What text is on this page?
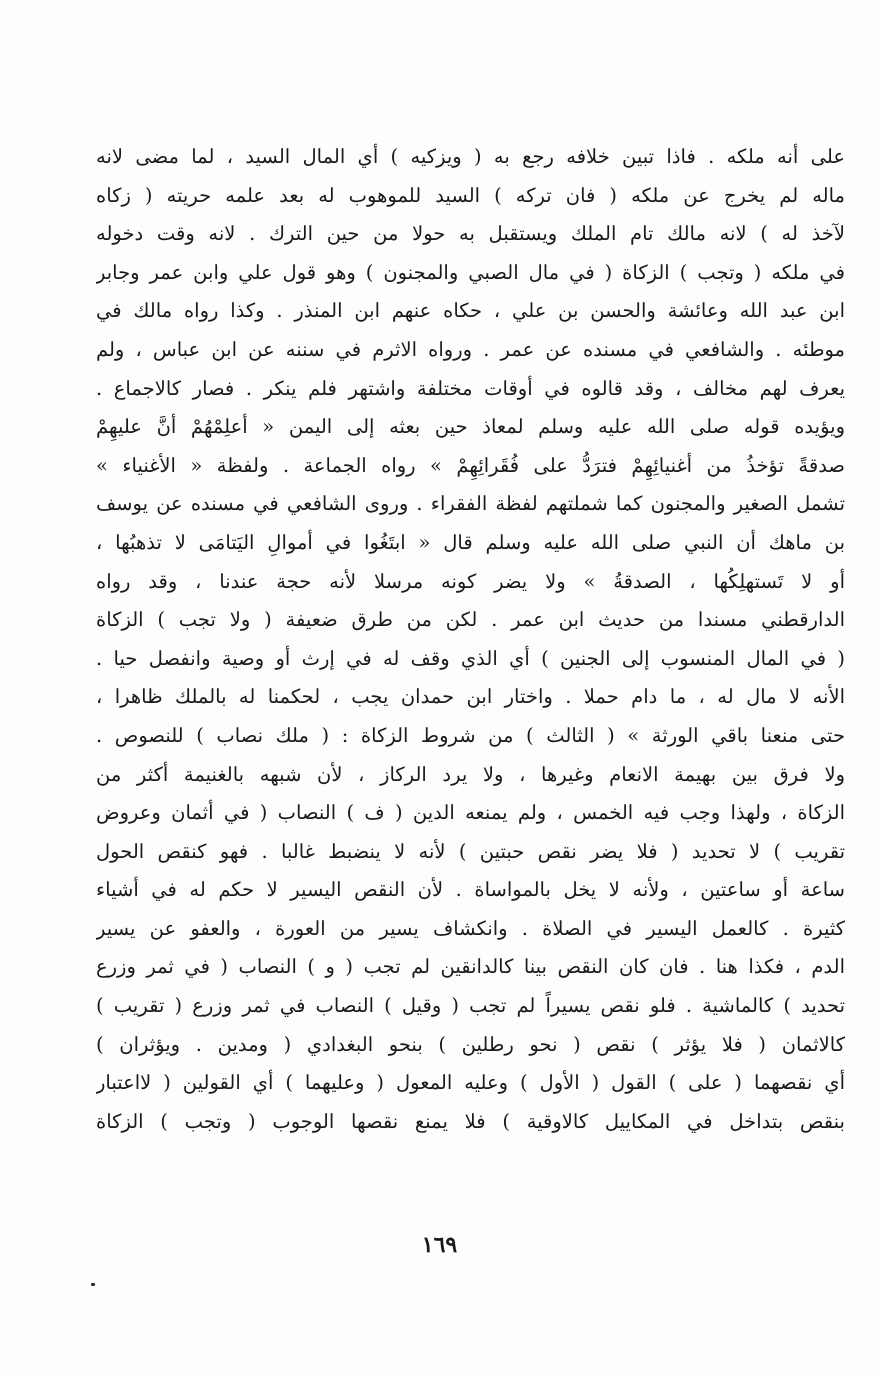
على أنه ملكه . فاذا تبين خلافه رجع به ( ويزكيه ) أي المال السيد ، لما مضى لانه
ماله لم يخرج عن ملكه ( فان تركه ) السيد للموهوب له بعد علمه حريته ( زكاه
لآخذ له ) لانه مالك تام الملك ويستقبل به حولا من حين الترك . لانه وقت دخوله
في ملكه ( وتجب ) الزكاة ( في مال الصبي والمجنون ) وهو قول علي وابن عمر وجابر
ابن عبد الله وعائشة والحسن بن علي ، حكاه عنهم ابن المنذر . وكذا رواه مالك في
موطئه . والشافعي في مسنده عن عمر . ورواه الاثرم في سننه عن ابن عباس ، ولم
يعرف لهم مخالف ، وقد قالوه في أوقات مختلفة واشتهر فلم ينكر . فصار كالاجماع .
ويؤيده قوله صلى الله عليه وسلم لمعاذ حين بعثه إلى اليمن « أعلِمْهُمْ أنَّ عليهِمْ
صدقةً تؤخذُ من أغنيائِهِمْ فترَدُّ على فُقَرائِهِمْ » رواه الجماعة . ولفظة « الأغنياء »
تشمل الصغير والمجنون كما شملتهم لفظة الفقراء . وروى الشافعي في مسنده عن يوسف
بن ماهك أن النبي صلى الله عليه وسلم قال « ابتَغُوا في أموالِ اليَتامَى لا تذهبُها ،
أو لا تَستهلِكُها ، الصدقةُ » ولا يضر كونه مرسلا لأنه حجة عندنا ، وقد رواه
الدارقطني مسندا من حديث ابن عمر . لكن من طرق ضعيفة ( ولا تجب ) الزكاة
( في المال المنسوب إلى الجنين ) أي الذي وقف له في إرث أو وصية وانفصل حيا .
الأنه لا مال له ، ما دام حملا . واختار ابن حمدان يجب ، لحكمنا له بالملك ظاهرا ،
حتى منعنا باقي الورثة » ( الثالث ) من شروط الزكاة : ( ملك نصاب ) للنصوص .
ولا فرق بين بهيمة الانعام وغيرها ، ولا يرد الركاز ، لأن شبهه بالغنيمة أكثر من
الزكاة ، ولهذا وجب فيه الخمس ، ولم يمنعه الدين ( ف ) النصاب ( في أثمان وعروض
تقريب ) لا تحديد ( فلا يضر نقص حبتين ) لأنه لا ينضبط غالبا . فهو كنقص الحول
ساعة أو ساعتين ، ولأنه لا يخل بالمواساة . لأن النقص اليسير لا حكم له في أشياء
كثيرة . كالعمل اليسير في الصلاة . وانكشاف يسير من العورة ، والعفو عن يسير
الدم ، فكذا هنا . فان كان النقص بينا كالدانقين لم تجب ( و ) النصاب ( في ثمر وزرع
تحديد ) كالماشية . فلو نقص يسيراً لم تجب ( وقيل ) النصاب في ثمر وزرع ( تقريب )
كالاثمان ( فلا يؤثر ) نقص ( نحو رطلين ) بنحو البغدادي ( ومدين . ويؤثران )
أي نقصهما ( على ) القول ( الأول ) وعليه المعول ( وعليهما ) أي القولين ( لااعتبار
بنقص بتداخل في المكاييل كالاوقية ) فلا يمنع نقصها الوجوب ( وتجب ) الزكاة
١٦٩
